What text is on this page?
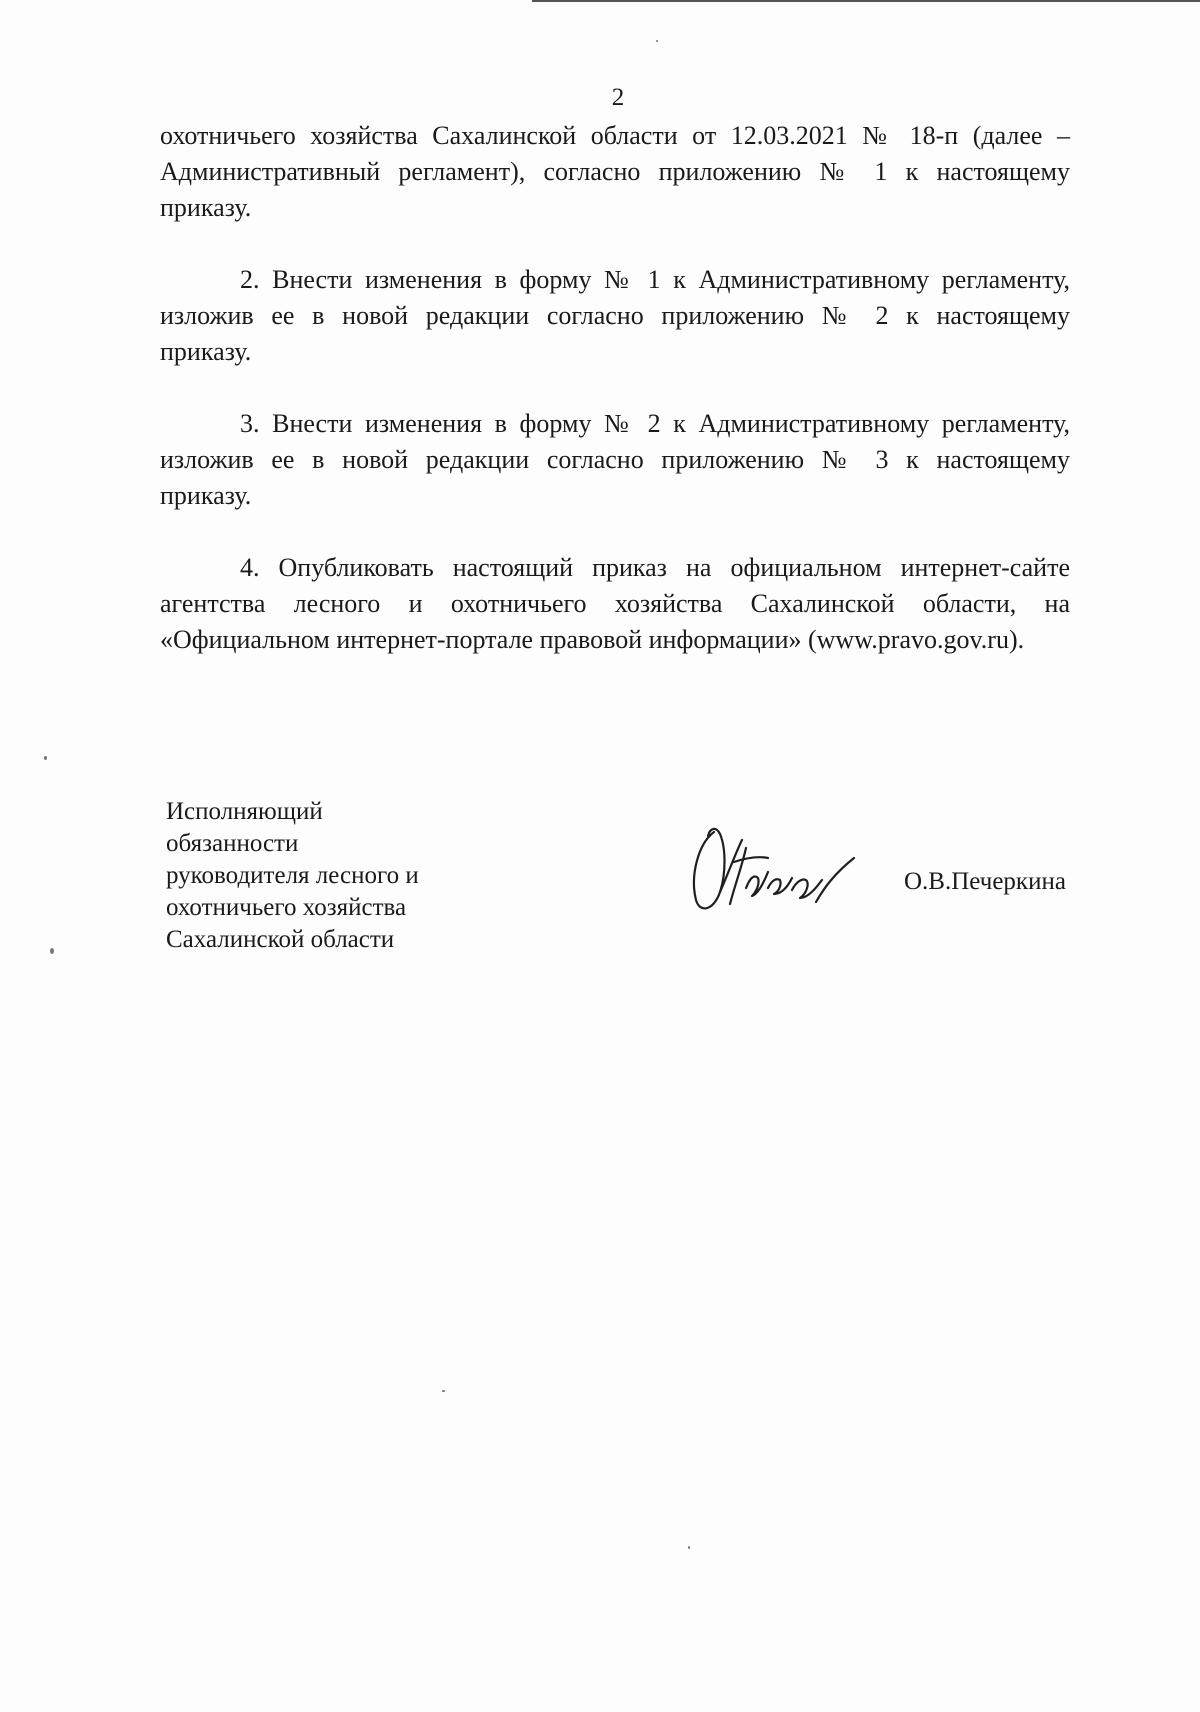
2

охотничьего хозяйства Сахалинской области от 12.03.2021 № 18-п (далее –
Административный регламент), согласно приложению № 1 к настоящему
приказу.

2. Внести изменения в форму № 1 к Административному регламенту,
изложив ее в новой редакции согласно приложению № 2 к настоящему
приказу.

3. Внести изменения в форму № 2 к Административному регламенту,
изложив ее в новой редакции согласно приложению № 3 к настоящему
приказу.

4. Опубликовать настоящий приказ на официальном интернет-сайте
агентства лесного и охотничьего хозяйства Сахалинской области, на
«Официальном интернет-портале правовой информации» (www.pravo.gov.ru).

Исполняющий
обязанности
руководителя лесного и
охотничьего хозяйства
Сахалинской области
О.В.Печеркина
